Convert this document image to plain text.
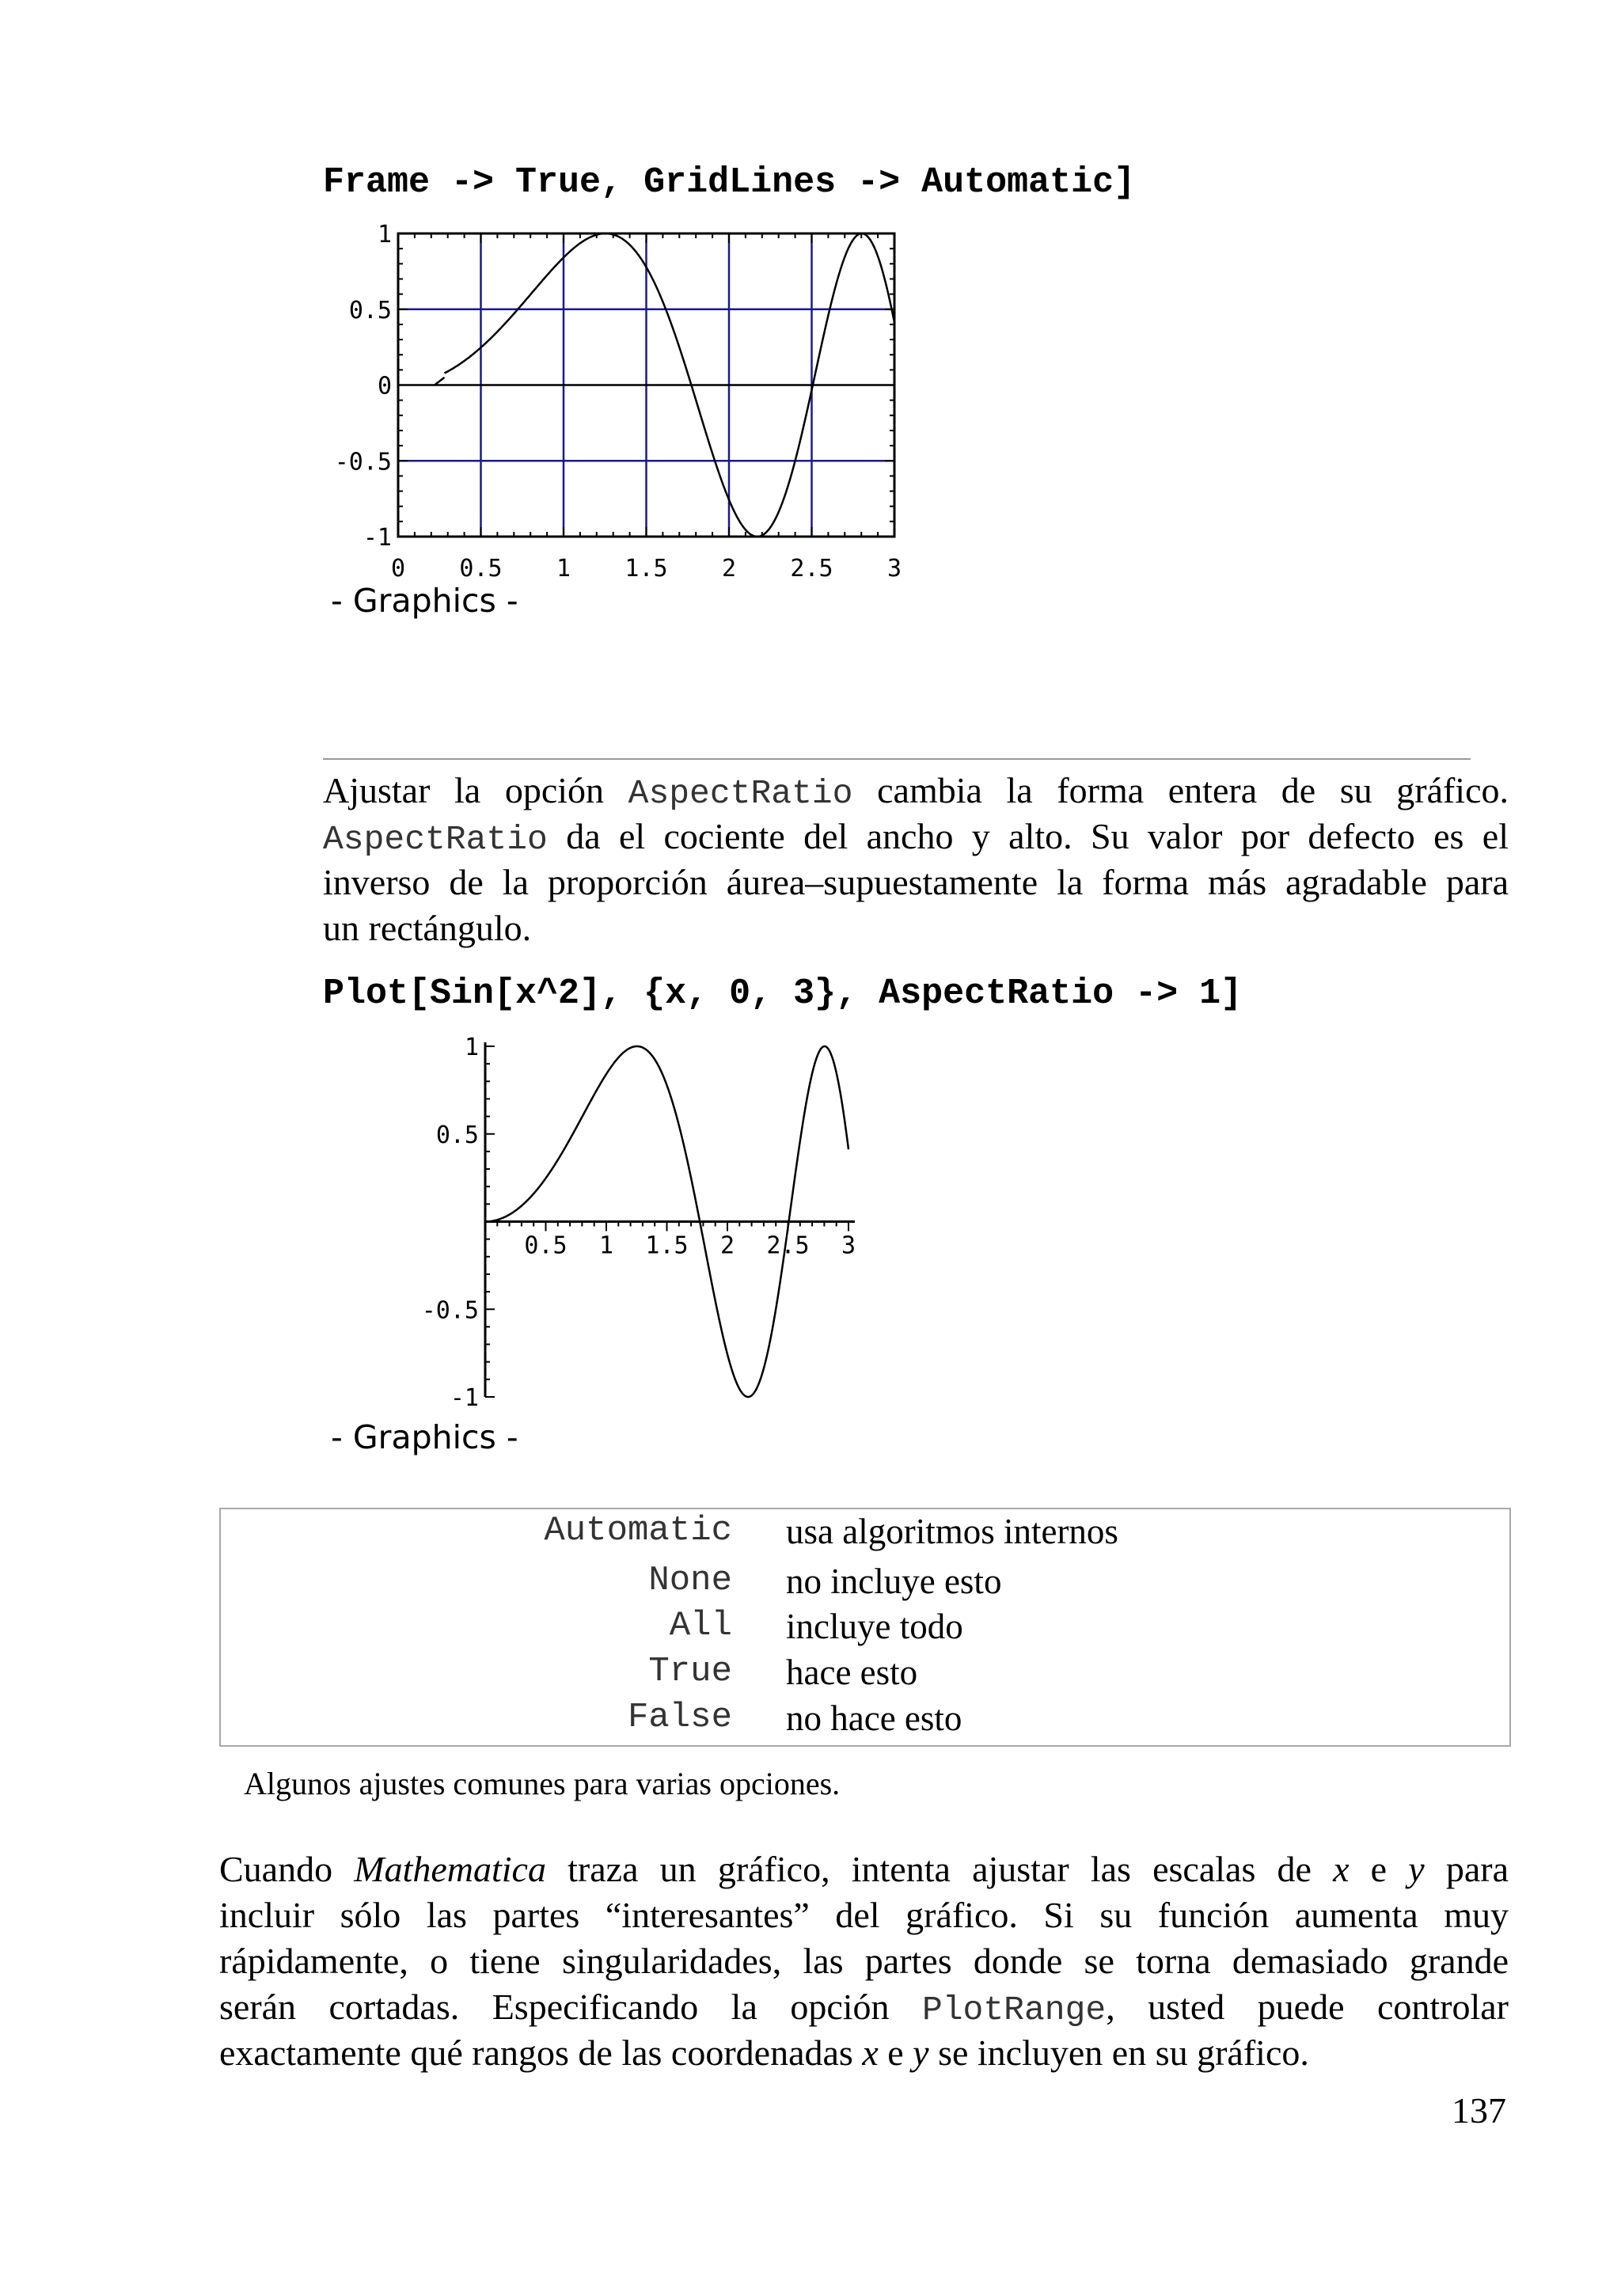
Frame -> True, GridLines -> Automatic]
0 0.5 1 1.5 2 2.5 3
1
0.5
0
-0.5
-1
- Graphics -
Ajustar la opción AspectRatio cambia la forma entera de su gráfico.
AspectRatio da el cociente del ancho y alto. Su valor por defecto es el
inverso de la proporción áurea–supuestamente la forma más agradable para
un rectángulo.
Plot[Sin[x^2], {x, 0, 3}, AspectRatio -> 1]
0.5 1 1.5 2 2.5 3
1
0.5
-0.5
-1
- Graphics -
Automatic usa algoritmos internos
None no incluye esto
All incluye todo
True hace esto
False no hace esto
Algunos ajustes comunes para varias opciones.
Cuando Mathematica traza un gráfico, intenta ajustar las escalas de x e y para
incluir sólo las partes “interesantes” del gráfico. Si su función aumenta muy
rápidamente, o tiene singularidades, las partes donde se torna demasiado grande
serán cortadas. Especificando la opción PlotRange, usted puede controlar
exactamente qué rangos de las coordenadas x e y se incluyen en su gráfico.
137
